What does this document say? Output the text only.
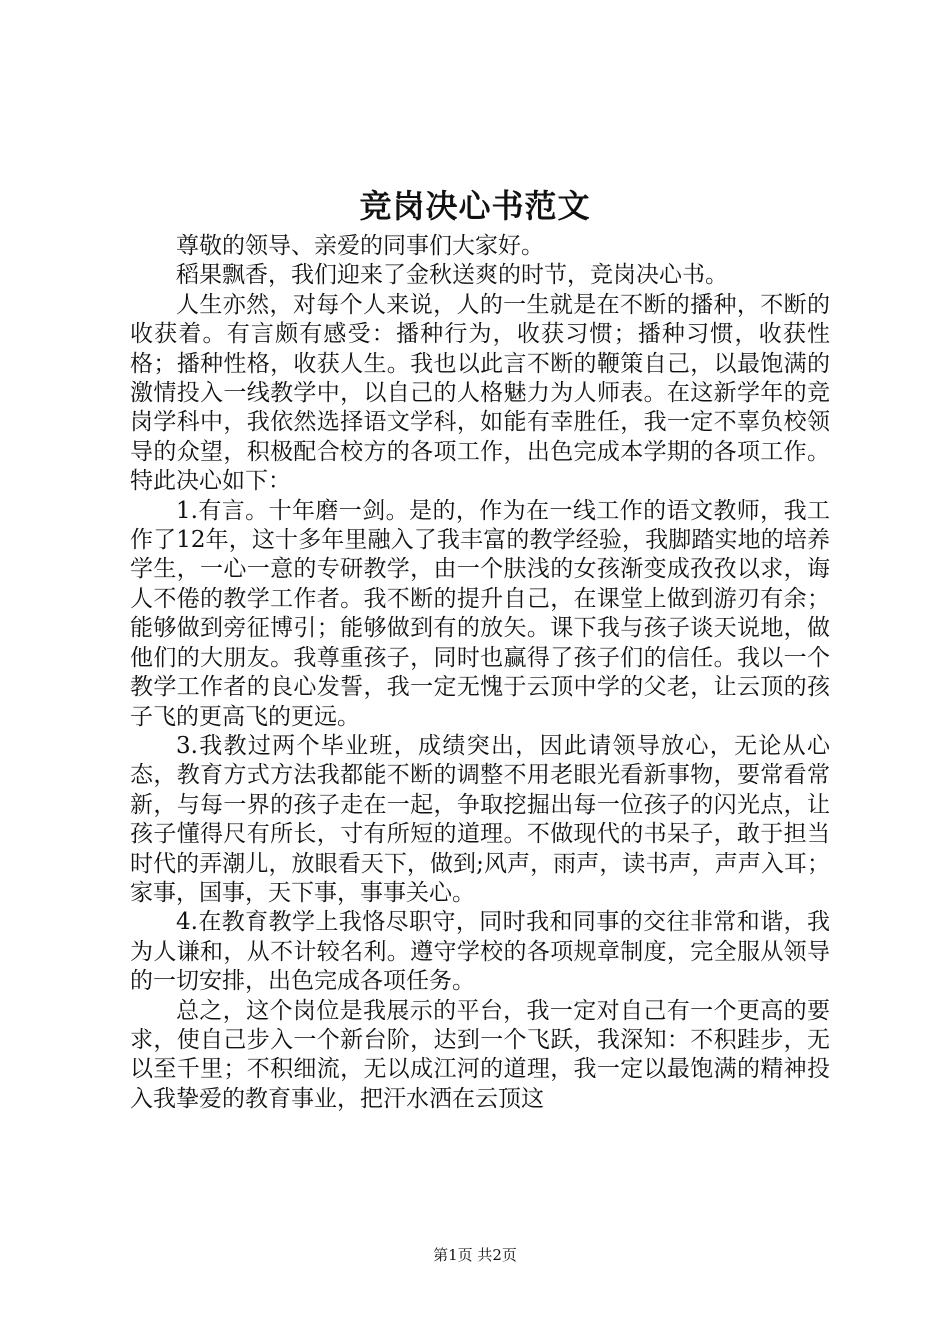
竞岗决心书范文

尊敬的领导、亲爱的同事们大家好。

稻果飘香，我们迎来了金秋送爽的时节，竞岗决心书。

人生亦然，对每个人来说，人的一生就是在不断的播种，不断的收获着。有言颇有感受：播种行为，收获习惯；播种习惯，收获性格；播种性格，收获人生。我也以此言不断的鞭策自己，以最饱满的激情投入一线教学中，以自己的人格魅力为人师表。在这新学年的竞岗学科中，我依然选择语文学科，如能有幸胜任，我一定不辜负校领导的众望，积极配合校方的各项工作，出色完成本学期的各项工作。特此决心如下：

1.有言。十年磨一剑。是的，作为在一线工作的语文教师，我工作了12年，这十多年里融入了我丰富的教学经验，我脚踏实地的培养学生，一心一意的专研教学，由一个肤浅的女孩渐变成孜孜以求，诲人不倦的教学工作者。我不断的提升自己，在课堂上做到游刃有余；能够做到旁征博引；能够做到有的放矢。课下我与孩子谈天说地，做他们的大朋友。我尊重孩子，同时也赢得了孩子们的信任。我以一个教学工作者的良心发誓，我一定无愧于云顶中学的父老，让云顶的孩子飞的更高飞的更远。

3.我教过两个毕业班，成绩突出，因此请领导放心，无论从心态，教育方式方法我都能不断的调整不用老眼光看新事物，要常看常新，与每一界的孩子走在一起，争取挖掘出每一位孩子的闪光点，让孩子懂得尺有所长，寸有所短的道理。不做现代的书呆子，敢于担当时代的弄潮儿，放眼看天下，做到;风声，雨声，读书声，声声入耳；家事，国事，天下事，事事关心。

4.在教育教学上我恪尽职守，同时我和同事的交往非常和谐，我为人谦和，从不计较名利。遵守学校的各项规章制度，完全服从领导的一切安排，出色完成各项任务。

总之，这个岗位是我展示的平台，我一定对自己有一个更高的要求，使自己步入一个新台阶，达到一个飞跃，我深知：不积跬步，无以至千里；不积细流，无以成江河的道理，我一定以最饱满的精神投入我挚爱的教育事业，把汗水洒在云顶这

第1页 共2页
